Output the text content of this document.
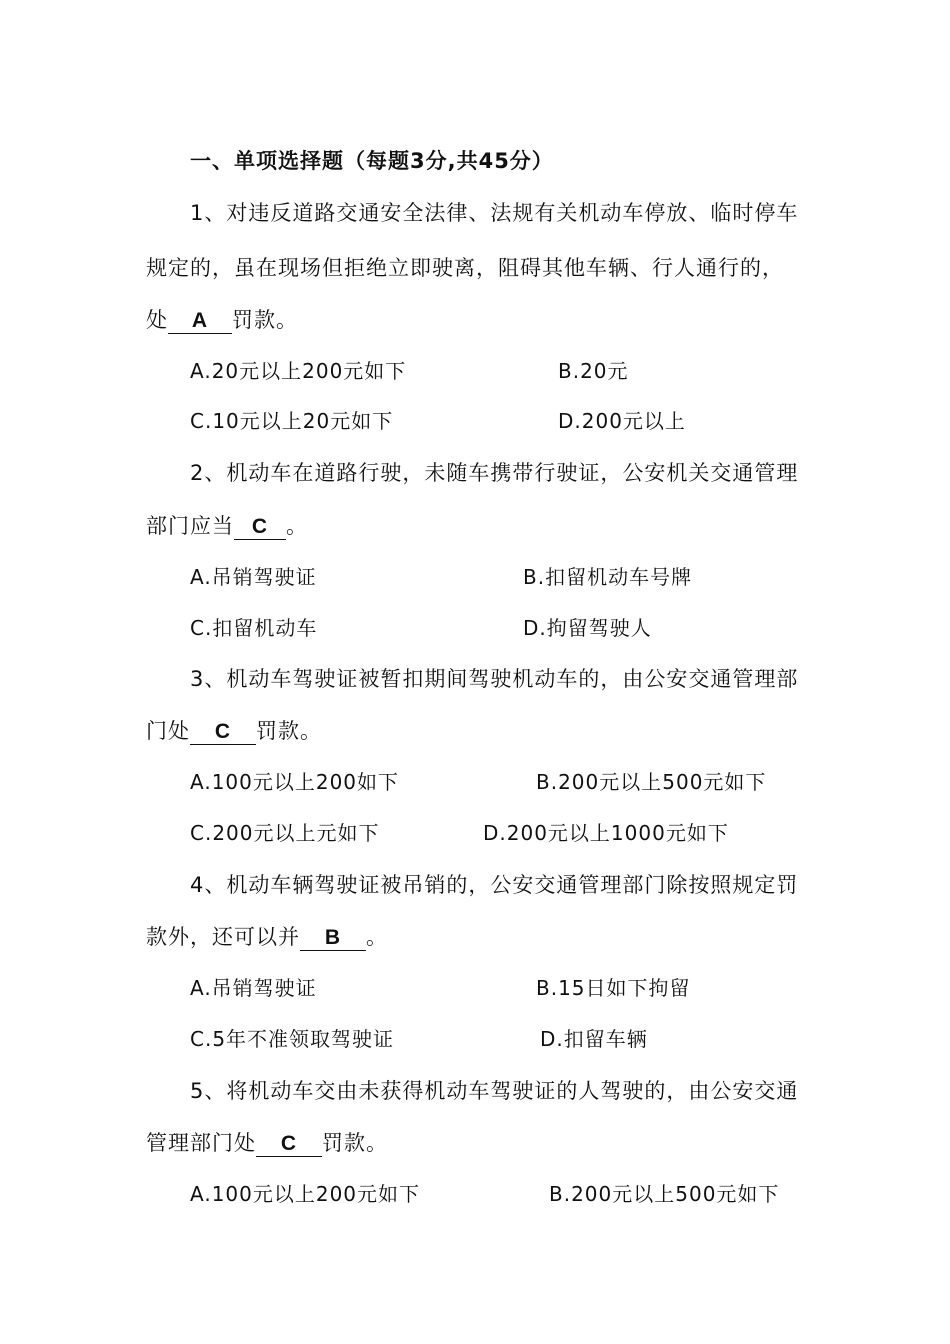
一、单项选择题（每题3分,共45分）
1、对违反道路交通安全法律、法规有关机动车停放、临时停车
规定的，虽在现场但拒绝立即驶离，阻碍其他车辆、行人通行的，
处 A 罚款。
A.20元以上200元如下	B.20元
C.10元以上20元如下	D.200元以上
2、机动车在道路行驶，未随车携带行驶证，公安机关交通管理
部门应当 C 。
A.吊销驾驶证	B.扣留机动车号牌
C.扣留机动车	D.拘留驾驶人
3、机动车驾驶证被暂扣期间驾驶机动车的，由公安交通管理部
门处 C 罚款。
A.100元以上200如下	B.200元以上500元如下
C.200元以上元如下	D.200元以上1000元如下
4、机动车辆驾驶证被吊销的，公安交通管理部门除按照规定罚
款外，还可以并 B 。
A.吊销驾驶证	B.15日如下拘留
C.5年不准领取驾驶证	D.扣留车辆
5、将机动车交由未获得机动车驾驶证的人驾驶的，由公安交通
管理部门处 C 罚款。
A.100元以上200元如下	B.200元以上500元如下
